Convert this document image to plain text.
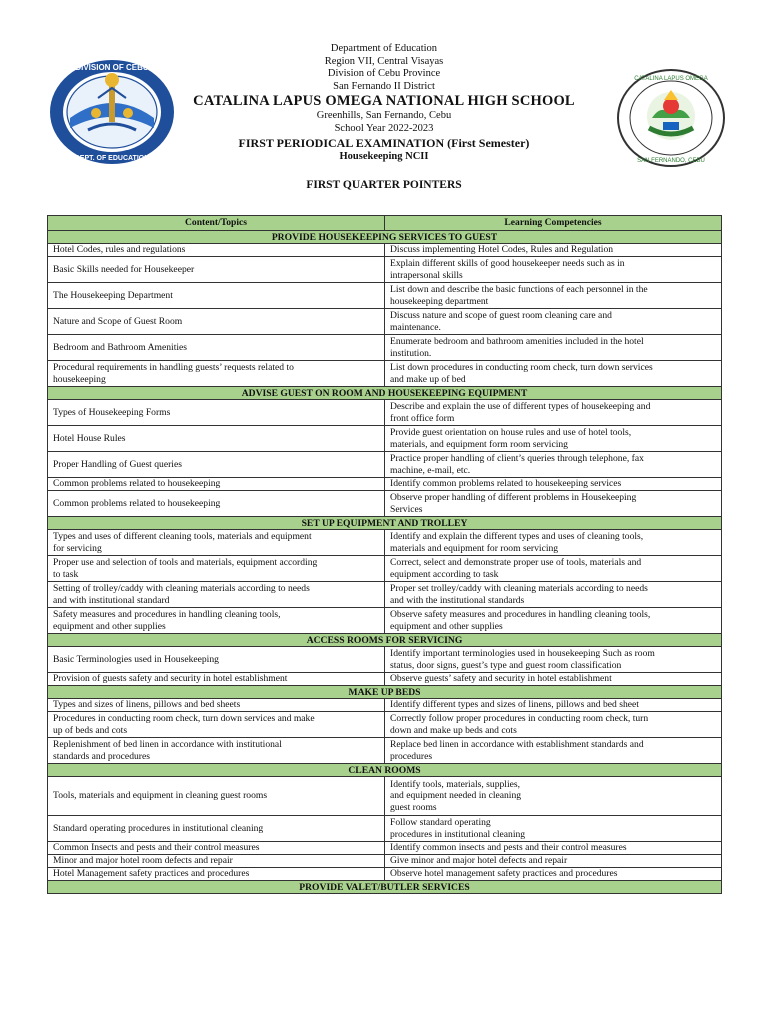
DIVISION OF CEBU
DEPT. OF EDUCATION
CATALINA LAPUS OMEGA
SAN FERNANDO, CEBU
Department of Education
Region VII, Central Visayas
Division of Cebu Province
San Fernando II District
CATALINA LAPUS OMEGA NATIONAL HIGH SCHOOL
Greenhills, San Fernando, Cebu
School Year 2022-2023
FIRST PERIODICAL EXAMINATION (First Semester)
Housekeeping NCII
FIRST QUARTER POINTERS
Content/Topics	Learning Competencies
PROVIDE HOUSEKEEPING SERVICES TO GUEST	
Hotel Codes, rules and regulations	Discuss implementing Hotel Codes, Rules and Regulation
Basic Skills needed for Housekeeper	Explain different skills of good housekeeper needs such as in
intrapersonal skills
The Housekeeping Department	List down and describe the basic functions of each personnel in the
housekeeping department
Nature and Scope of Guest Room	Discuss nature and scope of guest room cleaning care and
maintenance.
Bedroom and Bathroom Amenities	Enumerate bedroom and bathroom amenities included in the hotel
institution.
Procedural requirements in handling guests’ requests related to
housekeeping	List down procedures in conducting room check, turn down services
and make up of bed
ADVISE GUEST ON ROOM AND HOUSEKEEPING EQUIPMENT	
Types of Housekeeping Forms	Describe and explain the use of different types of housekeeping and
front office form
Hotel House Rules	Provide guest orientation on house rules and use of hotel tools,
materials, and equipment form room servicing
Proper Handling of Guest queries	Practice proper handling of client’s queries through telephone, fax
machine, e-mail, etc.
Common problems related to housekeeping	Identify common problems related to housekeeping services
Common problems related to housekeeping	Observe proper handling of different problems in Housekeeping
Services
SET UP EQUIPMENT AND TROLLEY	
Types and uses of different cleaning tools, materials and equipment
for servicing	Identify and explain the different types and uses of cleaning tools,
materials and equipment for room servicing
Proper use and selection of tools and materials, equipment according
to task	Correct, select and demonstrate proper use of tools, materials and
equipment according to task
Setting of trolley/caddy with cleaning materials according to needs
and with institutional standard	Proper set trolley/caddy with cleaning materials according to needs
and with the institutional standards
Safety measures and procedures in handling cleaning tools,
equipment and other supplies	Observe safety measures and procedures in handling cleaning tools,
equipment and other supplies
ACCESS ROOMS FOR SERVICING	
Basic Terminologies used in Housekeeping	Identify important terminologies used in housekeeping Such as room
status, door signs, guest’s type and guest room classification
Provision of guests safety and security in hotel establishment	Observe guests’ safety and security in hotel establishment
MAKE UP BEDS	
Types and sizes of linens, pillows and bed sheets	Identify different types and sizes of linens, pillows and bed sheet
Procedures in conducting room check, turn down services and make
up of beds and cots	Correctly follow proper procedures in conducting room check, turn
down and make up beds and cots
Replenishment of bed linen in accordance with institutional
standards and procedures	Replace bed linen in accordance with establishment standards and
procedures
CLEAN ROOMS	
Tools, materials and equipment in cleaning guest rooms	Identify tools, materials, supplies,
and equipment needed in cleaning
guest rooms
Standard operating procedures in institutional cleaning	Follow standard operating
procedures in institutional cleaning
Common Insects and pests and their control measures	Identify common insects and pests and their control measures
Minor and major hotel room defects and repair	Give minor and major hotel defects and repair
Hotel Management safety practices and procedures	Observe hotel management safety practices and procedures
PROVIDE VALET/BUTLER SERVICES	
